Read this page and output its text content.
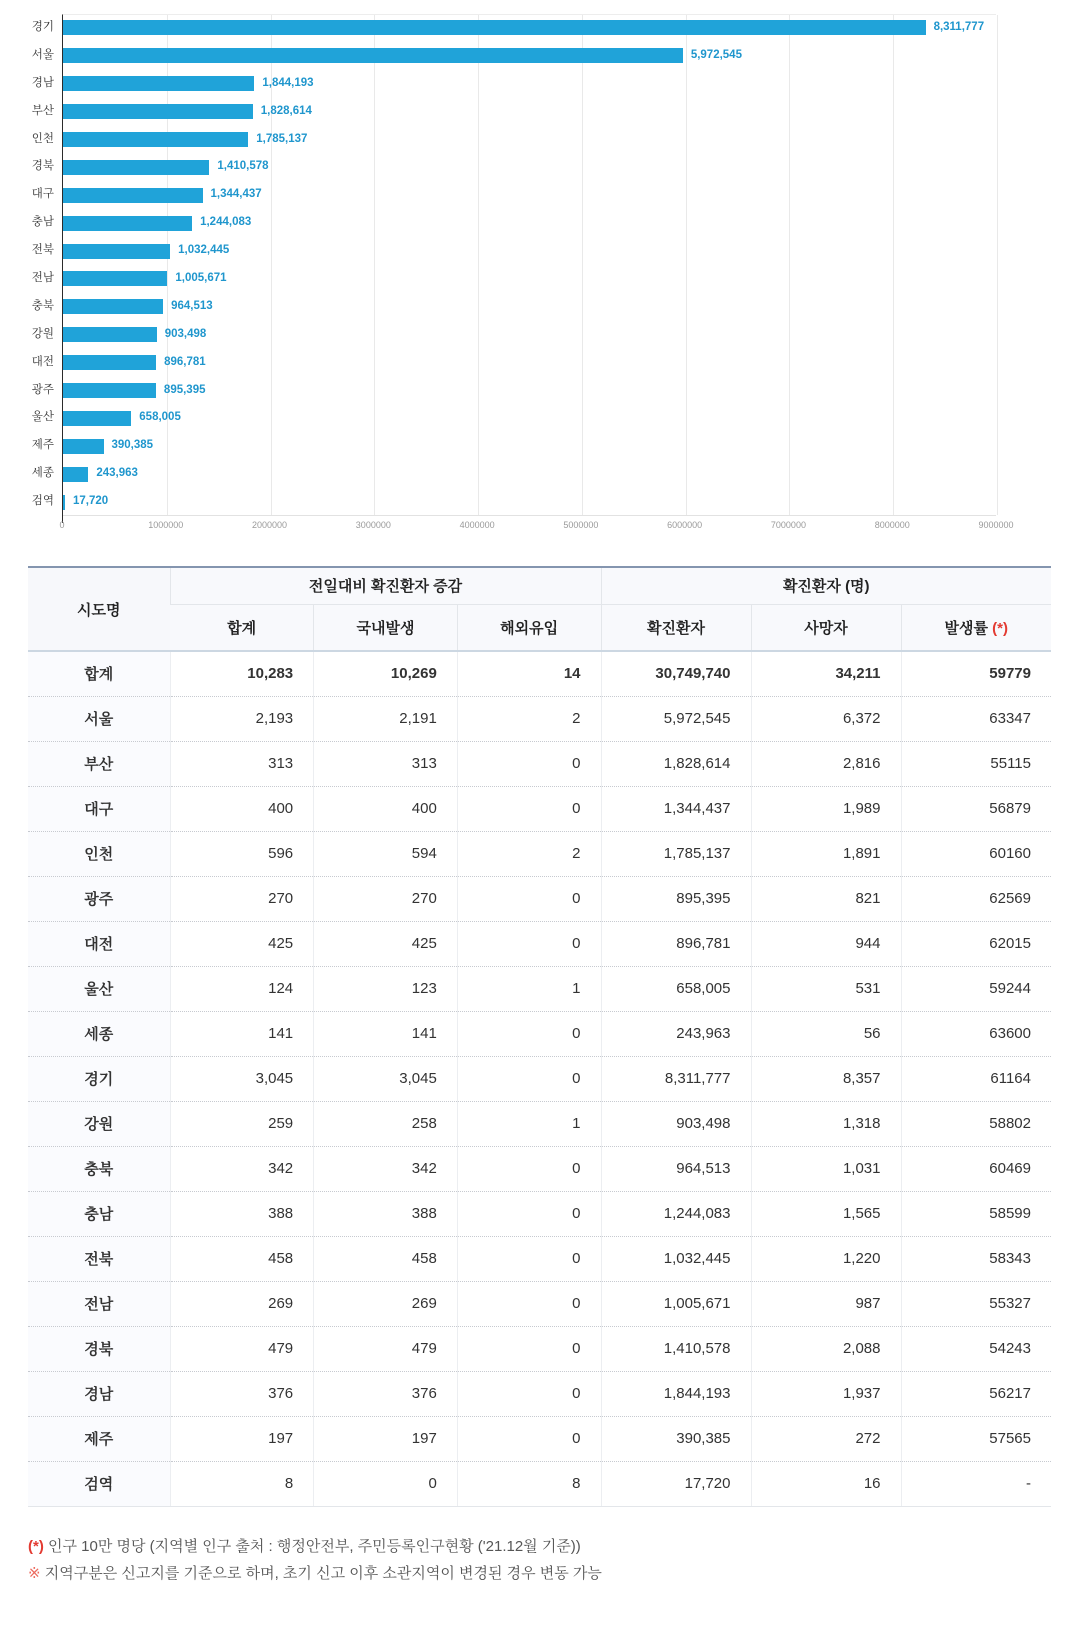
경기	8,311,777
서울	5,972,545
경남	1,844,193
부산	1,828,614
인천	1,785,137
경북	1,410,578
대구	1,344,437
충남	1,244,083
전북	1,032,445
전남	1,005,671
충북	964,513
강원	903,498
대전	896,781
광주	895,395
울산	658,005
제주	390,385
세종	243,963
검역 17,720
0	1000000	2000000	3000000	4000000	5000000	6000000	7000000	8000000	9000000
시도명	전일대비 확진환자 증감			확진환자 (명)		
	합계	국내발생	해외유입	확진환자	사망자	발생률 (*)
합계	10,283	10,269	14	30,749,740	34,211	59779
서울	2,193	2,191	2	5,972,545	6,372	63347
부산	313	313	0	1,828,614	2,816	55115
대구	400	400	0	1,344,437	1,989	56879
인천	596	594	2	1,785,137	1,891	60160
광주	270	270	0	895,395	821	62569
대전	425	425	0	896,781	944	62015
울산	124	123	1	658,005	531	59244
세종	141	141	0	243,963	56	63600
경기	3,045	3,045	0	8,311,777	8,357	61164
강원	259	258	1	903,498	1,318	58802
충북	342	342	0	964,513	1,031	60469
충남	388	388	0	1,244,083	1,565	58599
전북	458	458	0	1,032,445	1,220	58343
전남	269	269	0	1,005,671	987	55327
경북	479	479	0	1,410,578	2,088	54243
경남	376	376	0	1,844,193	1,937	56217
제주	197	197	0	390,385	272	57565
검역	8	0	8	17,720	16	-
(*) 인구 10만 명당 (지역별 인구 출처 : 행정안전부, 주민등록인구현황 ('21.12월 기준))
※ 지역구분은 신고지를 기준으로 하며, 초기 신고 이후 소관지역이 변경된 경우 변동 가능
